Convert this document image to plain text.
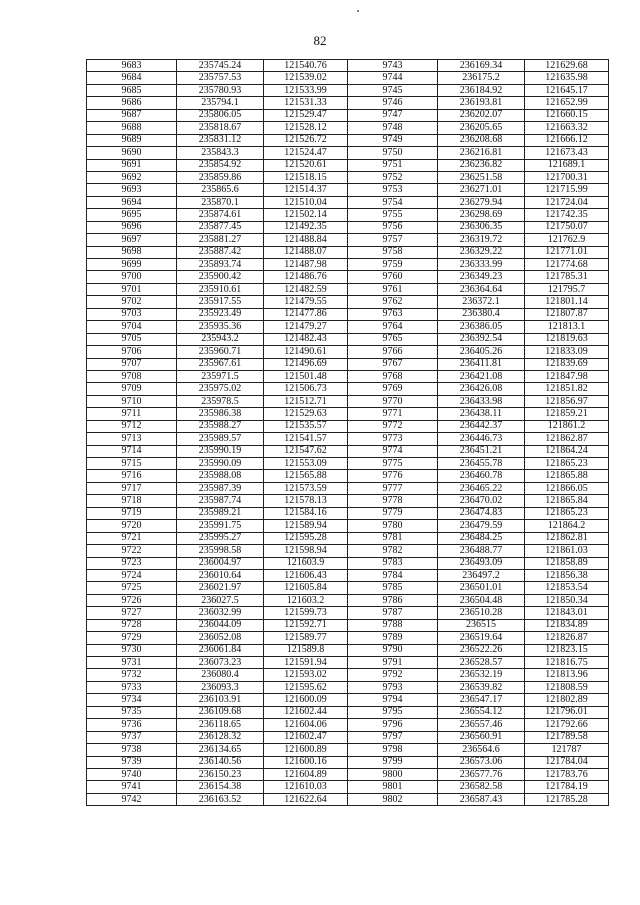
82
9683	235745.24	121540.76	9743	236169.34	121629.68
9684	235757.53	121539.02	9744	236175.2	121635.98
9685	235780.93	121533.99	9745	236184.92	121645.17
9686	235794.1	121531.33	9746	236193.81	121652.99
9687	235806.05	121529.47	9747	236202.07	121660.15
9688	235818.67	121528.12	9748	236205.65	121663.32
9689	235831.12	121526.72	9749	236208.68	121666.12
9690	235843.3	121524.47	9750	236216.81	121673.43
9691	235854.92	121520.61	9751	236236.82	121689.1
9692	235859.86	121518.15	9752	236251.58	121700.31
9693	235865.6	121514.37	9753	236271.01	121715.99
9694	235870.1	121510.04	9754	236279.94	121724.04
9695	235874.61	121502.14	9755	236298.69	121742.35
9696	235877.45	121492.35	9756	236306.35	121750.07
9697	235881.27	121488.84	9757	236319.72	121762.9
9698	235887.42	121488.07	9758	236329.22	121771.01
9699	235893.74	121487.98	9759	236333.99	121774.68
9700	235900.42	121486.76	9760	236349.23	121785.31
9701	235910.61	121482.59	9761	236364.64	121795.7
9702	235917.55	121479.55	9762	236372.1	121801.14
9703	235923.49	121477.86	9763	236380.4	121807.87
9704	235935.36	121479.27	9764	236386.05	121813.1
9705	235943.2	121482.43	9765	236392.54	121819.63
9706	235960.71	121490.61	9766	236405.26	121833.09
9707	235967.61	121496.69	9767	236411.81	121839.69
9708	235971.5	121501.48	9768	236421.08	121847.98
9709	235975.02	121506.73	9769	236426.08	121851.82
9710	235978.5	121512.71	9770	236433.98	121856.97
9711	235986.38	121529.63	9771	236438.11	121859.21
9712	235988.27	121535.57	9772	236442.37	121861.2
9713	235989.57	121541.57	9773	236446.73	121862.87
9714	235990.19	121547.62	9774	236451.21	121864.24
9715	235990.09	121553.09	9775	236455.78	121865.23
9716	235988.08	121565.88	9776	236460.78	121865.88
9717	235987.39	121573.59	9777	236465.22	121866.05
9718	235987.74	121578.13	9778	236470.02	121865.84
9719	235989.21	121584.16	9779	236474.83	121865.23
9720	235991.75	121589.94	9780	236479.59	121864.2
9721	235995.27	121595.28	9781	236484.25	121862.81
9722	235998.58	121598.94	9782	236488.77	121861.03
9723	236004.97	121603.9	9783	236493.09	121858.89
9724	236010.64	121606.43	9784	236497.2	121856.38
9725	236021.97	121605.84	9785	236501.01	121853.54
9726	236027.5	121603.2	9786	236504.48	121850.34
9727	236032.99	121599.73	9787	236510.28	121843.01
9728	236044.09	121592.71	9788	236515	121834.89
9729	236052.08	121589.77	9789	236519.64	121826.87
9730	236061.84	121589.8	9790	236522.26	121823.15
9731	236073.23	121591.94	9791	236528.57	121816.75
9732	236080.4	121593.02	9792	236532.19	121813.96
9733	236093.3	121595.62	9793	236539.82	121808.59
9734	236103.91	121600.09	9794	236547.17	121802.89
9735	236109.68	121602.44	9795	236554.12	121796.01
9736	236118.65	121604.06	9796	236557.46	121792.66
9737	236128.32	121602.47	9797	236560.91	121789.58
9738	236134.65	121600.89	9798	236564.6	121787
9739	236140.56	121600.16	9799	236573.06	121784.04
9740	236150.23	121604.89	9800	236577.76	121783.76
9741	236154.38	121610.03	9801	236582.58	121784.19
9742	236163.52	121622.64	9802	236587.43	121785.28
